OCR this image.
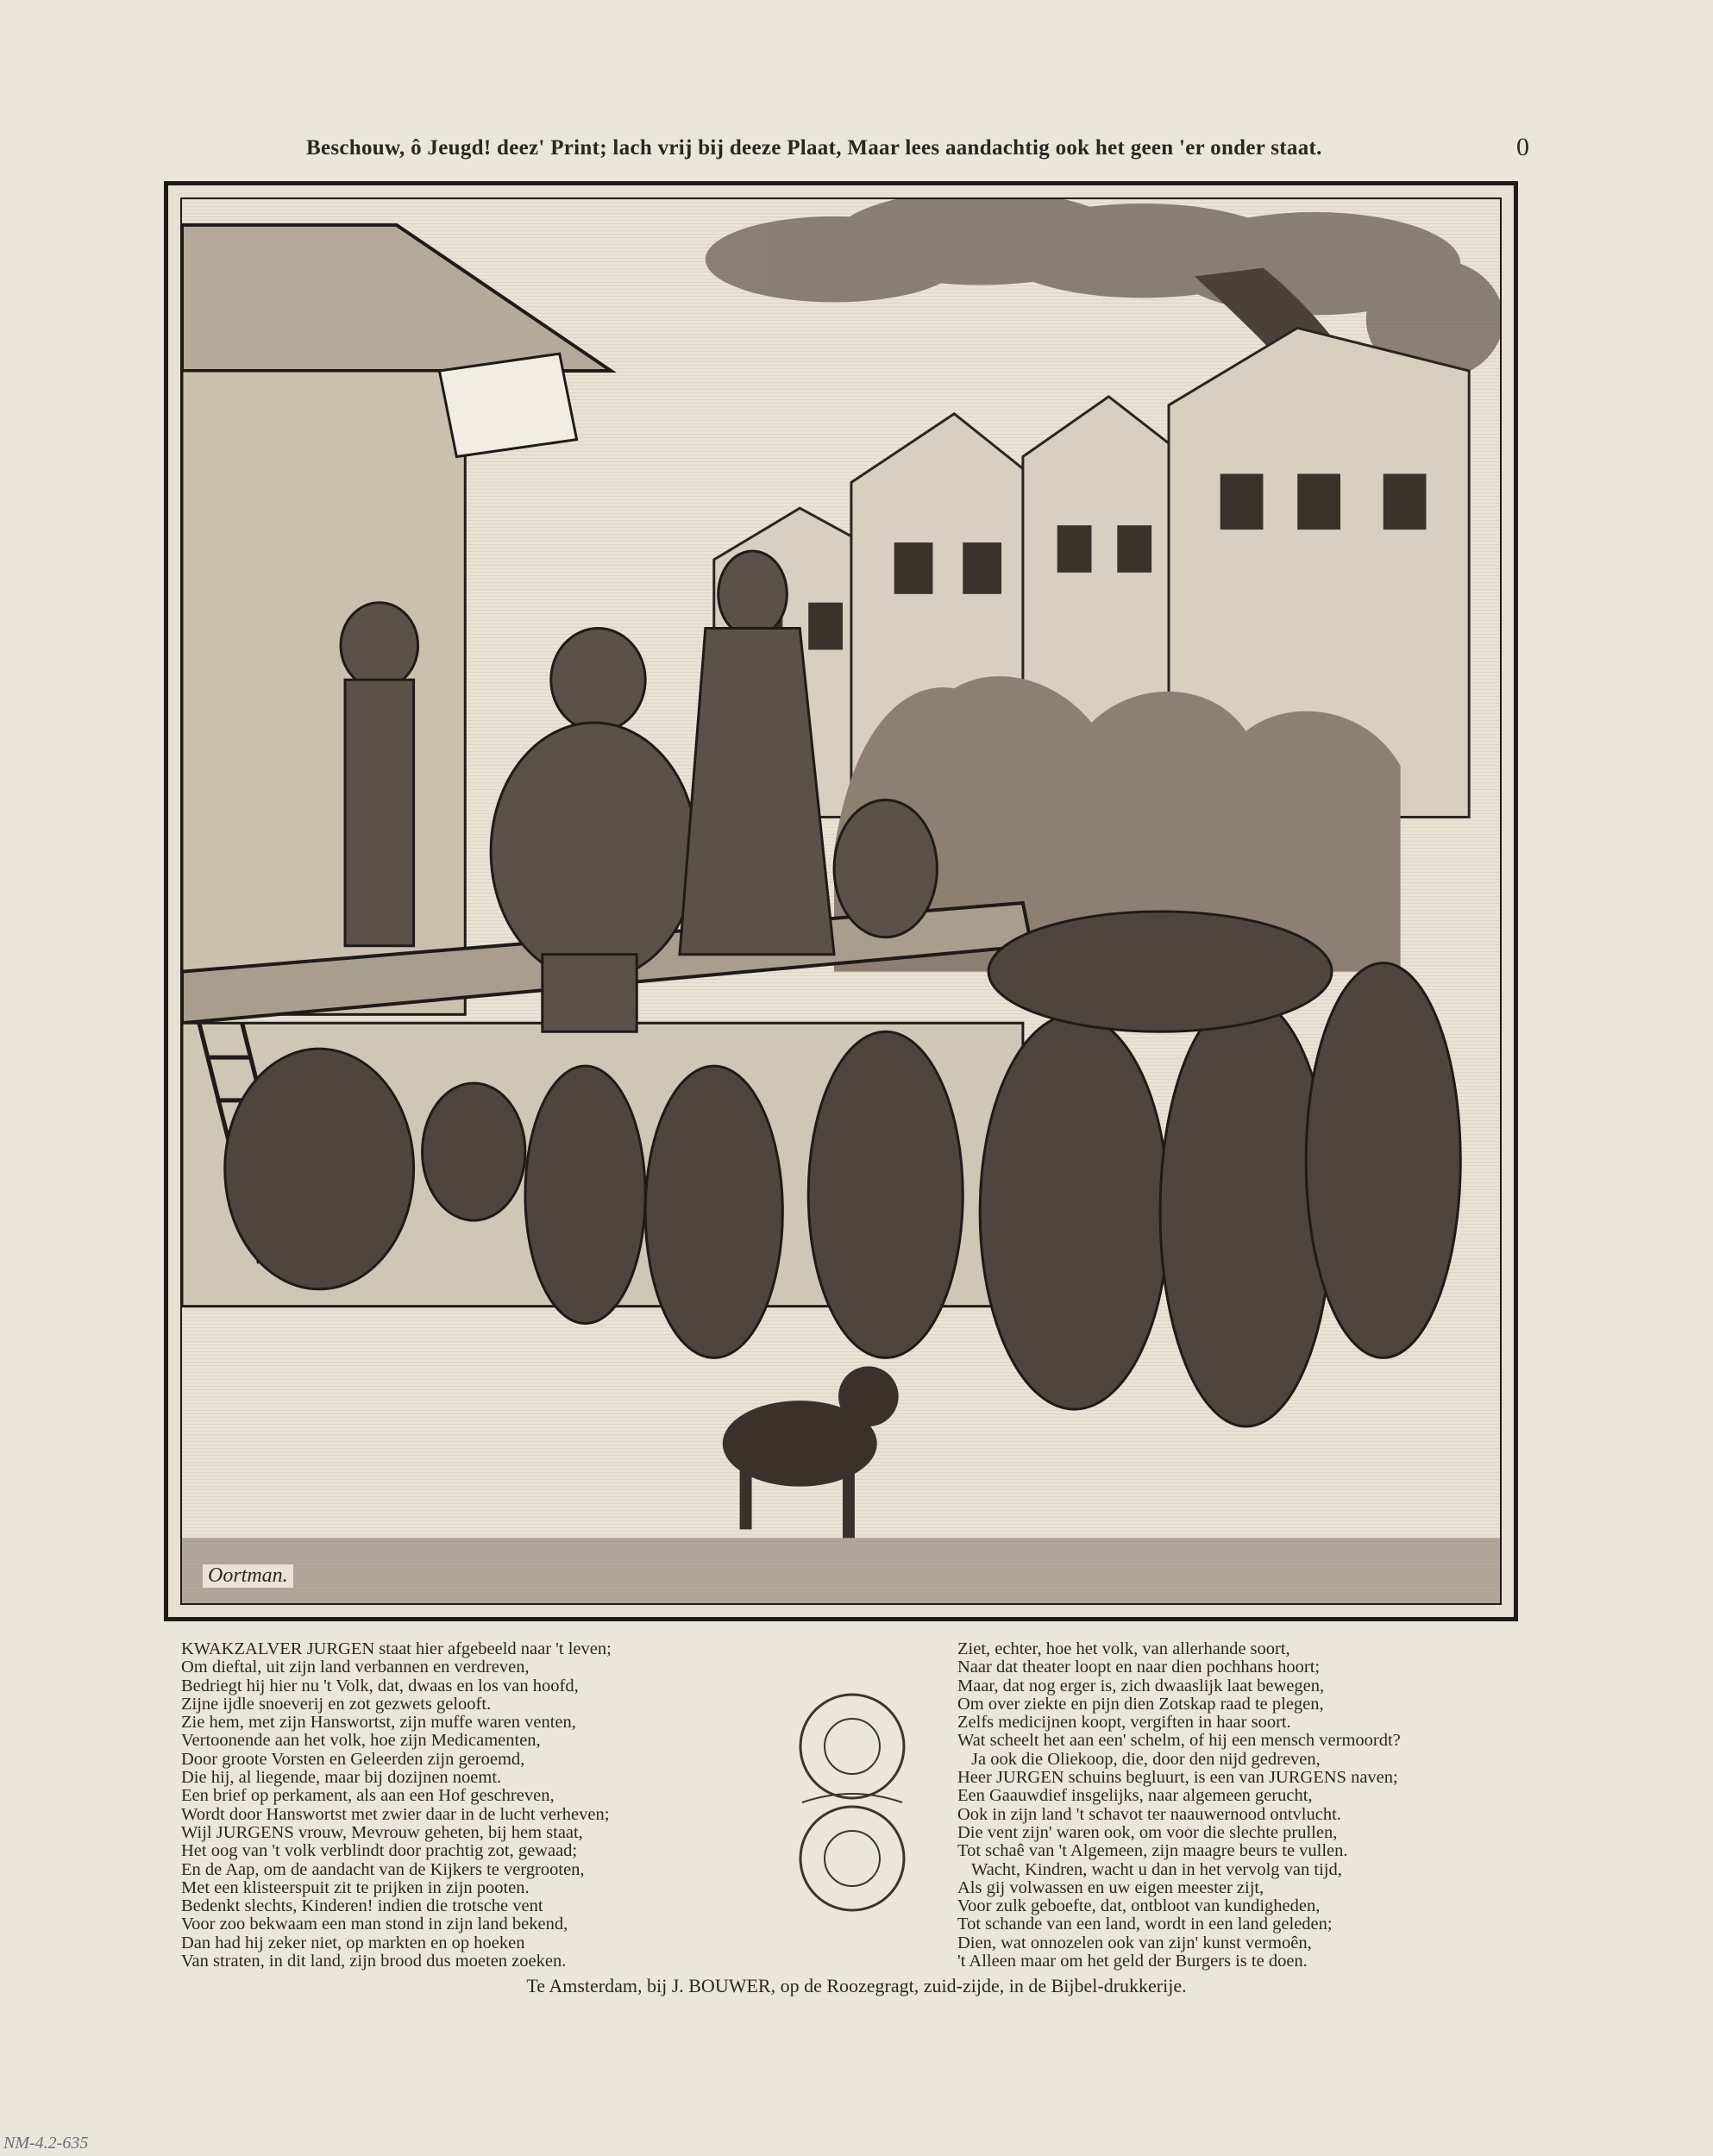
Beschouw, ô Jeugd! deez' Print; lach vrij bij deeze Plaat, Maar lees aandachtig ook het geen 'er onder staat.	0
Oortman.
KWAKZALVER JURGEN staat hier afgebeeld naar 't leven;
Om dieftal, uit zijn land verbannen en verdreven,
Bedriegt hij hier nu 't Volk, dat, dwaas en los van hoofd,
Zijne ijdle snoeverij en zot gezwets gelooft.
Zie hem, met zijn Hanswortst, zijn muffe waren venten,
Vertoonende aan het volk, hoe zijn Medicamenten,
Door groote Vorsten en Geleerden zijn geroemd,
Die hij, al liegende, maar bij dozijnen noemt.
Een brief op perkament, als aan een Hof geschreven,
Wordt door Hanswortst met zwier daar in de lucht verheven;
Wijl JURGENS vrouw, Mevrouw geheten, bij hem staat,
Het oog van 't volk verblindt door prachtig zot, gewaad;
En de Aap, om de aandacht van de Kijkers te vergrooten,
Met een klisteerspuit zit te prijken in zijn pooten.
Bedenkt slechts, Kinderen! indien die trotsche vent
Voor zoo bekwaam een man stond in zijn land bekend,
Dan had hij zeker niet, op markten en op hoeken
Van straten, in dit land, zijn brood dus moeten zoeken.
Ziet, echter, hoe het volk, van allerhande soort,
Naar dat theater loopt en naar dien pochhans hoort;
Maar, dat nog erger is, zich dwaaslijk laat bewegen,
Om over ziekte en pijn dien Zotskap raad te plegen,
Zelfs medicijnen koopt, vergiften in haar soort.
Wat scheelt het aan een' schelm, of hij een mensch vermoordt?
Ja ook die Oliekoop, die, door den nijd gedreven,
Heer JURGEN schuins begluurt, is een van JURGENS naven;
Een Gaauwdief insgelijks, naar algemeen gerucht,
Ook in zijn land 't schavot ter naauwernood ontvlucht.
Die vent zijn' waren ook, om voor die slechte prullen,
Tot schaê van 't Algemeen, zijn maagre beurs te vullen.
Wacht, Kindren, wacht u dan in het vervolg van tijd,
Als gij volwassen en uw eigen meester zijt,
Voor zulk geboefte, dat, ontbloot van kundigheden,
Tot schande van een land, wordt in een land geleden;
Dien, wat onnozelen ook van zijn' kunst vermoên,
't Alleen maar om het geld der Burgers is te doen.
Te Amsterdam, bij J. BOUWER, op de Roozegragt, zuid-zijde, in de Bijbel-drukkerije.
NM-4.2-635
